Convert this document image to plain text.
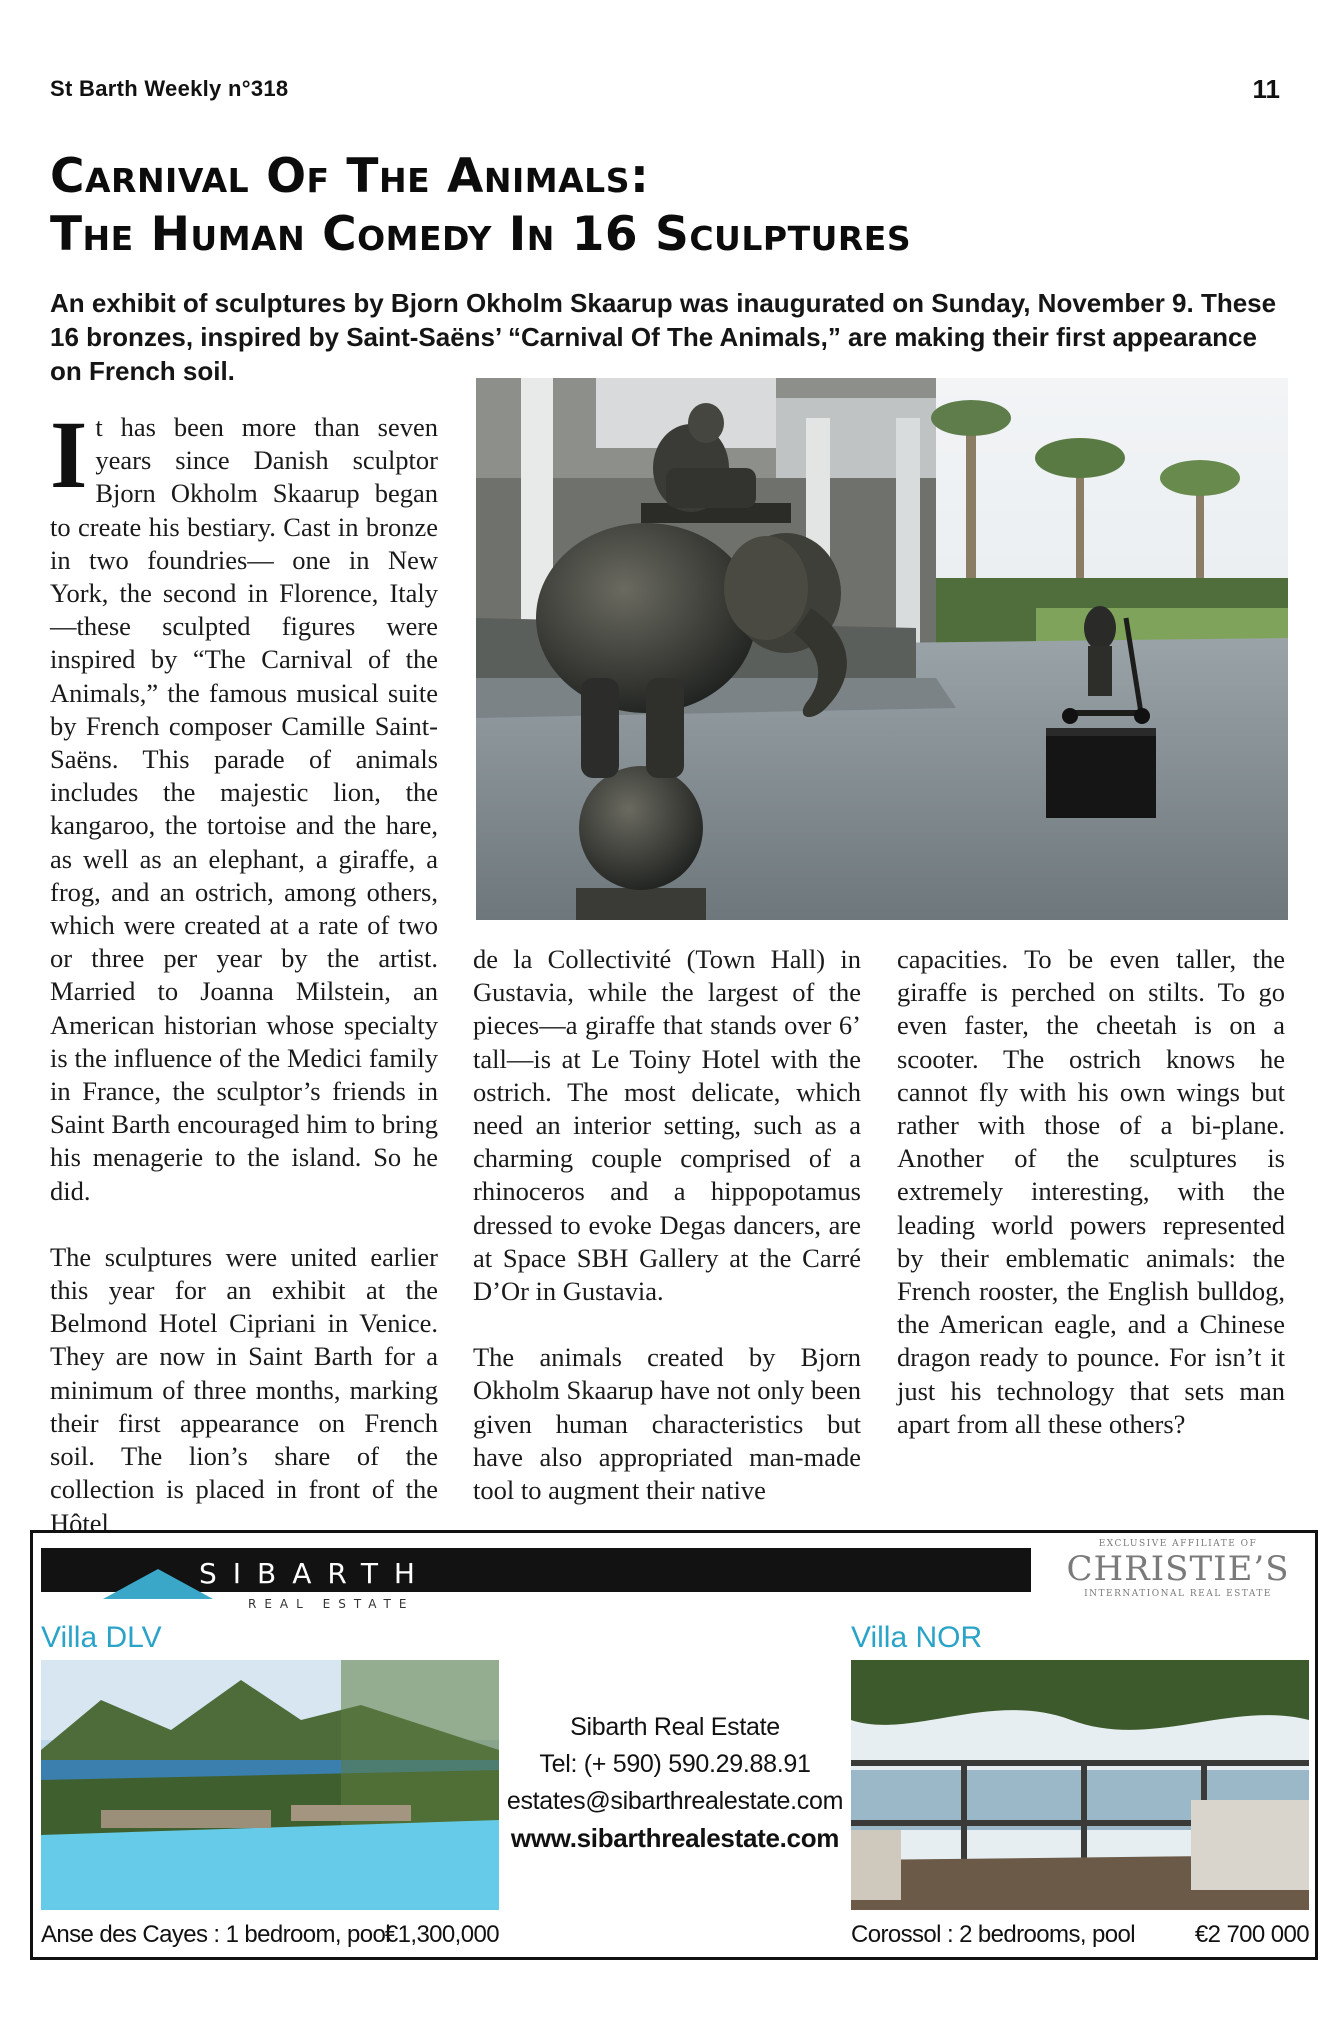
St Barth Weekly n°318	11
Carnival Of The Animals:
The Human Comedy In 16 Sculptures
An exhibit of sculptures by Bjorn Okholm Skaarup was inaugurated on Sunday, November 9. These 16 bronzes, inspired by Saint-Saëns’ “Carnival Of The Animals,” are making their first appearance on French soil.

It has been more than seven years since Danish sculptor Bjorn Okholm Skaarup began to create his bestiary. Cast in bronze in two foundries— one in New York, the second in Florence, Italy—these sculpted figures were inspired by “The Carnival of the Animals,” the famous musical suite by French composer Camille Saint-Saëns. This parade of animals includes the majestic lion, the kangaroo, the tortoise and the hare, as well as an elephant, a giraffe, a frog, and an ostrich, among others, which were created at a rate of two or three per year by the artist. Married to Joanna Milstein, an American historian whose specialty is the influence of the Medici family in France, the sculptor’s friends in Saint Barth encouraged him to bring his menagerie to the island. So he did.

The sculptures were united earlier this year for an exhibit at the Belmond Hotel Cipriani in Venice. They are now in Saint Barth for a minimum of three months, marking their first appearance on French soil. The lion’s share of the collection is placed in front of the Hôtel

de la Collectivité (Town Hall) in Gustavia, while the largest of the pieces—a giraffe that stands over 6’ tall—is at Le Toiny Hotel with the ostrich. The most delicate, which need an interior setting, such as a charming couple comprised of a rhinoceros and a hippopotamus dressed to evoke Degas dancers, are at Space SBH Gallery at the Carré D’Or in Gustavia.

The animals created by Bjorn Okholm Skaarup have not only been given human characteristics but have also appropriated man-made tool to augment their native

capacities. To be even taller, the giraffe is perched on stilts. To go even faster, the cheetah is on a scooter. The ostrich knows he cannot fly with his own wings but rather with those of a bi-plane. Another of the sculptures is extremely interesting, with the leading world powers represented by their emblematic animals: the French rooster, the English bulldog, the American eagle, and a Chinese dragon ready to pounce. For isn’t it just his technology that sets man apart from all these others?

SIBARTH
REAL ESTATE
EXCLUSIVE AFFILIATE OF
CHRISTIE’S
INTERNATIONAL REAL ESTATE
Villa DLV
Anse des Cayes : 1 bedroom, pool
€1,300,000
Sibarth Real Estate
Tel: (+ 590) 590.29.88.91
estates@sibarthrealestate.com
www.sibarthrealestate.com
Villa NOR
Corossol : 2 bedrooms, pool €2 700 000
